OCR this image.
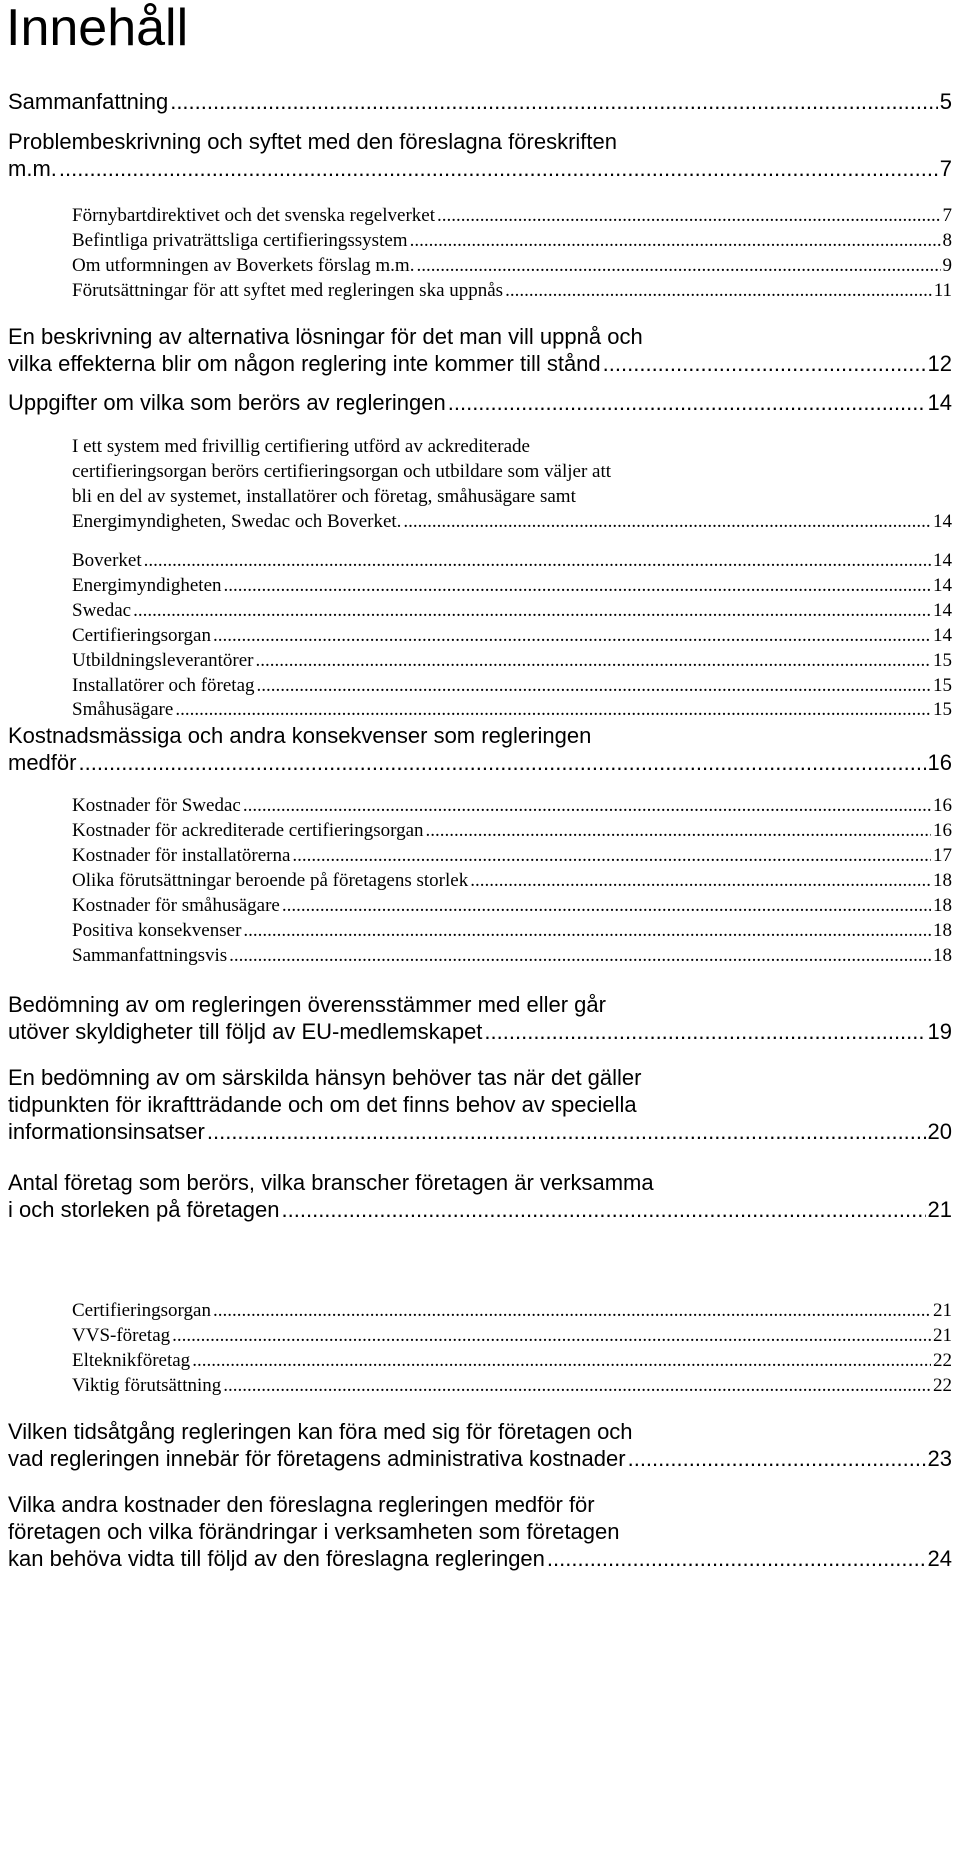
Innehåll
Sammanfattning .....	5
Problembeskrivning och syftet med den föreslagna föreskriften
m.m. .....	7
Förnybartdirektivet och det svenska regelverket .....	7
Befintliga privaträttsliga certifieringssystem .....	8
Om utformningen av Boverkets förslag m.m. .....	9
Förutsättningar för att syftet med regleringen ska uppnås .....	11
En beskrivning av alternativa lösningar för det man vill uppnå och
vilka effekterna blir om någon reglering inte kommer till stånd .....	12
Uppgifter om vilka som berörs av regleringen .....	14
I ett system med frivillig certifiering utförd av ackrediterade
certifieringsorgan berörs certifieringsorgan och utbildare som väljer att
bli en del av systemet, installatörer och företag, småhusägare samt
Energimyndigheten, Swedac och Boverket. .....	14
Boverket .....	14
Energimyndigheten .....	14
Swedac .....	14
Certifieringsorgan .....	14
Utbildningsleverantörer .....	15
Installatörer och företag .....	15
Småhusägare .....	15
Kostnadsmässiga och andra konsekvenser som regleringen
medför .....	16
Kostnader för Swedac .....	16
Kostnader för ackrediterade certifieringsorgan .....	16
Kostnader för installatörerna .....	17
Olika förutsättningar beroende på företagens storlek .....	18
Kostnader för småhusägare .....	18
Positiva konsekvenser .....	18
Sammanfattningsvis .....	18
Bedömning av om regleringen överensstämmer med eller går
utöver skyldigheter till följd av EU-medlemskapet .....	19
En bedömning av om särskilda hänsyn behöver tas när det gäller
tidpunkten för ikraftträdande och om det finns behov av speciella
informationsinsatser .....	20
Antal företag som berörs, vilka branscher företagen är verksamma
i och storleken på företagen .....	21
Certifieringsorgan .....	21
VVS-företag .....	21
Elteknikföretag .....	22
Viktig förutsättning .....	22
Vilken tidsåtgång regleringen kan föra med sig för företagen och
vad regleringen innebär för företagens administrativa kostnader .....	23
Vilka andra kostnader den föreslagna regleringen medför för
företagen och vilka förändringar i verksamheten som företagen
kan behöva vidta till följd av den föreslagna regleringen .....	24
